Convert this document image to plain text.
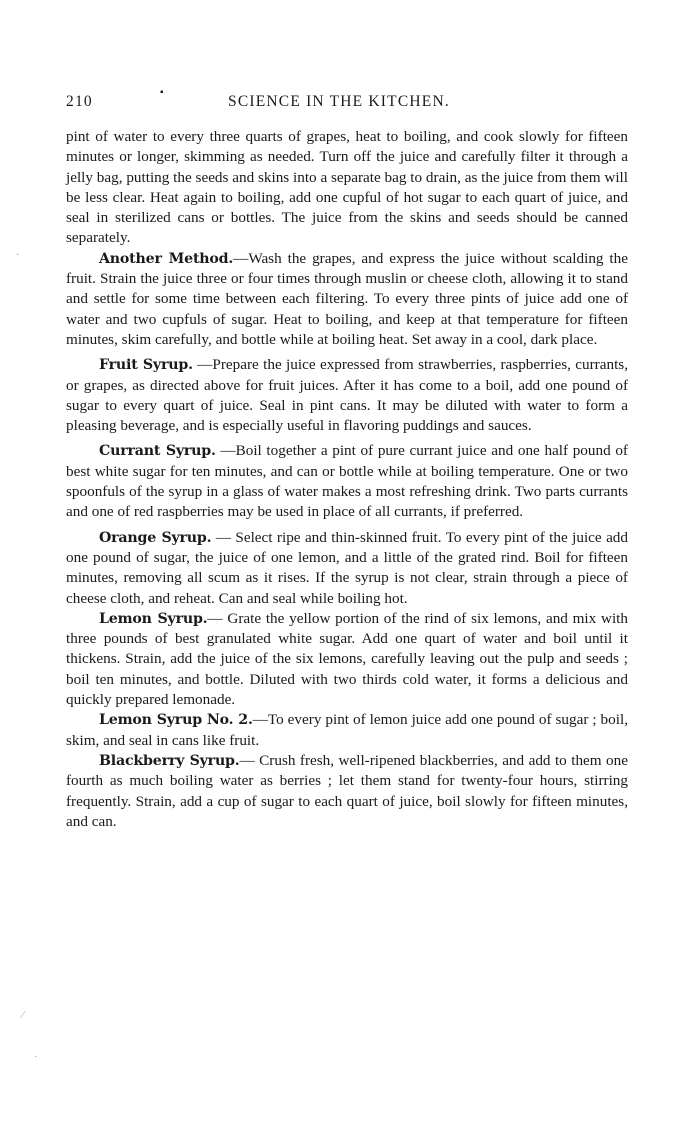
·
⁄
·
210
▪
SCIENCE IN THE KITCHEN.

pint of water to every three quarts of grapes, heat to boiling, and cook slowly for fifteen minutes or longer, skimming as needed. Turn off the juice and carefully filter it through a jelly bag, putting the seeds and skins into a separate bag to drain, as the juice from them will be less clear. Heat again to boiling, add one cupful of hot sugar to each quart of juice, and seal in sterilized cans or bottles. The juice from the skins and seeds should be canned separately.

Another Method.—Wash the grapes, and express the juice without scalding the fruit. Strain the juice three or four times through muslin or cheese cloth, allowing it to stand and settle for some time between each filtering. To every three pints of juice add one of water and two cupfuls of sugar. Heat to boiling, and keep at that temperature for fifteen minutes, skim carefully, and bottle while at boiling heat. Set away in a cool, dark place.

Fruit Syrup. —Prepare the juice expressed from strawberries, raspberries, currants, or grapes, as directed above for fruit juices. After it has come to a boil, add one pound of sugar to every quart of juice. Seal in pint cans. It may be diluted with water to form a pleasing beverage, and is especially useful in flavoring puddings and sauces.

Currant Syrup. —Boil together a pint of pure currant juice and one half pound of best white sugar for ten minutes, and can or bottle while at boiling temperature. One or two spoonfuls of the syrup in a glass of water makes a most refreshing drink. Two parts currants and one of red raspberries may be used in place of all currants, if preferred.

Orange Syrup. — Select ripe and thin-skinned fruit. To every pint of the juice add one pound of sugar, the juice of one lemon, and a little of the grated rind. Boil for fifteen minutes, removing all scum as it rises. If the syrup is not clear, strain through a piece of cheese cloth, and reheat. Can and seal while boiling hot.

Lemon Syrup.— Grate the yellow portion of the rind of six lemons, and mix with three pounds of best granulated white sugar. Add one quart of water and boil until it thickens. Strain, add the juice of the six lemons, carefully leaving out the pulp and seeds ; boil ten minutes, and bottle. Diluted with two thirds cold water, it forms a delicious and quickly prepared lemonade.

Lemon Syrup No. 2.—To every pint of lemon juice add one pound of sugar ; boil, skim, and seal in cans like fruit.

Blackberry Syrup.— Crush fresh, well-ripened blackberries, and add to them one fourth as much boiling water as berries ; let them stand for twenty-four hours, stirring frequently. Strain, add a cup of sugar to each quart of juice, boil slowly for fifteen minutes, and can.
